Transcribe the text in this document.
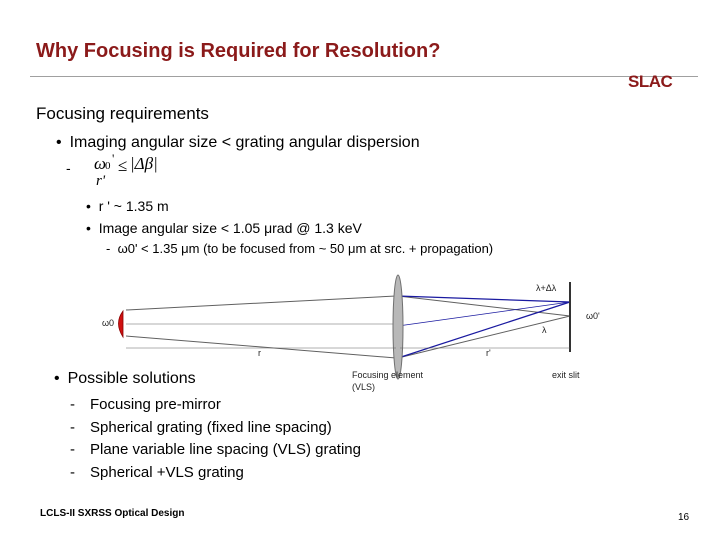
Why Focusing is Required for Resolution?
SLAC
Focusing requirements
• Imaging angular size < grating angular dispersion
- ω
0 '
r'
≤ |Δβ|
• r ' ~ 1.35 m
• Image angular size < 1.05 μrad @ 1.3 keV
- ω0' < 1.35 μm (to be focused from ~ 50 μm at src. + propagation)
λ+Δλ
λ
ω0
ω0'
r	r'
Focusing element
(VLS)
exit slit
• Possible solutions
- Focusing pre-mirror
- Spherical grating (fixed line spacing)
- Plane variable line spacing (VLS) grating
- Spherical +VLS grating
LCLS-II SXRSS Optical Design	16
